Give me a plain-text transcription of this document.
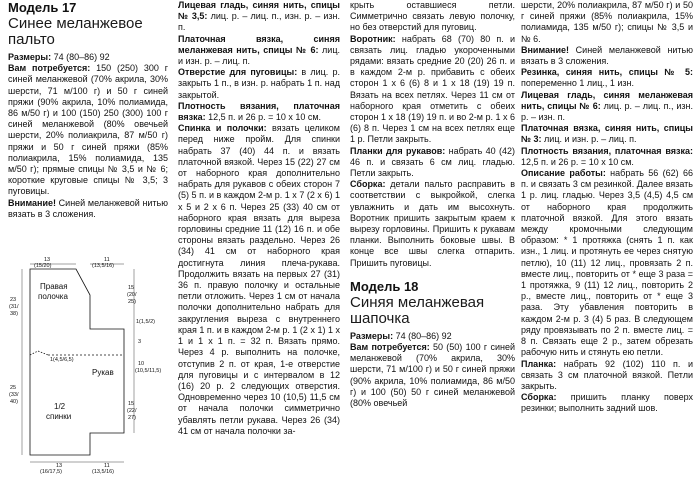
Модель 17
Синее меланжевое
пальто

Размеры: 74 (80–86) 92

Вам потребуется: 150 (250) 300 г синей меланжевой (70% акрила, 30% шерсти, 71 м/100 г) и 50 г синей пряжи (90% акрила, 10% полиамида, 86 м/50 г) и 100 (150) 250 (300) 100 г синей меланжевой (80% овечьей шерсти, 20% полиакрила, 87 м/50 г) пряжи и 50 г синей пряжи (85% полиакрила, 15% полиамида, 135 м/50 г); прямые спицы № 3,5 и № 6; короткие круговые спицы № 3,5; 3 пуговицы.

Внимание! Синей меланжевой нитью вязать в 3 сложения.

13
(15/20)
11
(13,5/16)
23
(31/
38)
25
(33/
40)
1(4,5/6,5)
15
(20/
25)
1(1,5/2)
3
10
(10,5/11,5)
15
(22/
27)
13
(16/17,5)
11
(13,5/16)
Правая
полочка
Рукав
1/2
спинки

Лицевая гладь, синяя нить, спицы № 3,5: лиц. р. – лиц. п., изн. р. – изн. п.

Платочная вязка, синяя меланжевая нить, спицы № 6: лиц. и изн. р. – лиц. п.

Отверстие для пуговицы: в лиц. р. закрыть 1 п., в изн. р. набрать 1 п. над закрытой.

Плотность вязания, платочная вязка: 12,5 п. и 26 р. = 10 х 10 см.

Спинка и полочки: вязать целиком перед ниже пройм. Для спинки набрать 37 (40) 44 п. и вязать платочной вязкой. Через 15 (22) 27 см от наборного края дополнительно набрать для рукавов с обеих сторон 7 (5) 5 п. и в каждом 2-м р. 1 х 7 (2 х 6) 1 х 5 и 2 х 6 п. Через 25 (33) 40 см от наборного края вязать для выреза горловины средние 11 (12) 16 п. и обе стороны вязать раздельно. Через 26 (34) 41 см от наборного края достигнута линия плеча-рукава. Продолжить вязать на первых 27 (31) 36 п. правую полочку и остальные петли отложить. Через 1 см от начала полочки дополнительно набрать для закругления выреза с внутреннего края 1 п. и в каждом 2-м р. 1 (2 х 1) 1 х 1 и 1 х 1 п. = 32 п. Вязать прямо. Через 4 р. выполнить на полочке, отступив 2 п. от края, 1-е отверстие для пуговицы и с интервалом в 12 (16) 20 р. 2 следующих отверстия. Одновременно через 10 (10,5) 11,5 см от начала полочки симметрично убавлять петли рукава. Через 26 (34) 41 см от начала полочки за-

крыть оставшиеся петли. Симметрично связать левую полочку, но без отверстий для пуговиц.

Воротник: набрать 68 (70) 80 п. и связать лиц. гладью укороченными рядами: вязать средние 20 (20) 26 п. и в каждом 2-м р. прибавить с обеих сторон 1 х 6 (6) 8 и 1 х 18 (19) 19 п. Вязать на всех петлях. Через 11 см от наборного края отметить с обеих сторон 1 х 18 (19) 19 п. и во 2-м р. 1 х 6 (6) 8 п. Через 1 см на всех петлях еще 1 р. Петли закрыть.

Планки для рукавов: набрать 40 (42) 46 п. и связать 6 см лиц. гладью. Петли закрыть.

Сборка: детали пальто расправить в соответствии с выкройкой, слегка увлажнить и дать им высохнуть. Воротник пришить закрытым краем к вырезу горловины. Пришить к рукавам планки. Выполнить боковые швы. В конце все швы слегка отпарить. Пришить пуговицы.

Модель 18
Синяя меланжевая
шапочка

Размеры: 74 (80–86) 92

Вам потребуется: 50 (50) 100 г синей меланжевой (70% акрила, 30% шерсти, 71 м/100 г) и 50 г синей пряжи (90% акрила, 10% полиамида, 86 м/50 г) и 100 (50) 50 г синей меланжевой (80% овечьей

шерсти, 20% полиакрила, 87 м/50 г) и 50 г синей пряжи (85% полиакрила, 15% полиамида, 135 м/50 г); спицы № 3,5 и № 6.

Внимание! Синей меланжевой нитью вязать в 3 сложения.

Резинка, синяя нить, спицы № 5: попеременно 1 лиц., 1 изн.

Лицевая гладь, синяя меланжевая нить, спицы № 6: лиц. р. – лиц. п., изн. р. – изн. п.

Платочная вязка, синяя нить, спицы № 3: лиц. и изн. р. – лиц. п.

Плотность вязания, платочная вязка: 12,5 п. и 26 р. = 10 х 10 см.

Описание работы: набрать 56 (62) 66 п. и связать 3 см резинкой. Далее вязать 1 р. лиц. гладью. Через 3,5 (4,5) 4,5 см от наборного края продолжить платочной вязкой. Для этого вязать между кромочными следующим образом: * 1 протяжка (снять 1 п. как изн., 1 лиц. и протянуть ее через снятую петлю), 10 (11) 12 лиц., провязать 2 п. вместе лиц., повторить от * еще 3 раза = 1 протяжка, 9 (11) 12 лиц., повторить 2 р., вместе лиц., повторить от * еще 3 раза. Эту убавления повторить в каждом 2-м р. 3 (4) 5 раз. В следующем ряду провязывать по 2 п. вместе лиц. = 8 п. Связать еще 2 р., затем обрезать рабочую нить и стянуть ею петли.

Планка: набрать 92 (102) 110 п. и связать 3 см платочной вязкой. Петли закрыть.

Сборка: пришить планку поверх резинки; выполнить задний шов.
